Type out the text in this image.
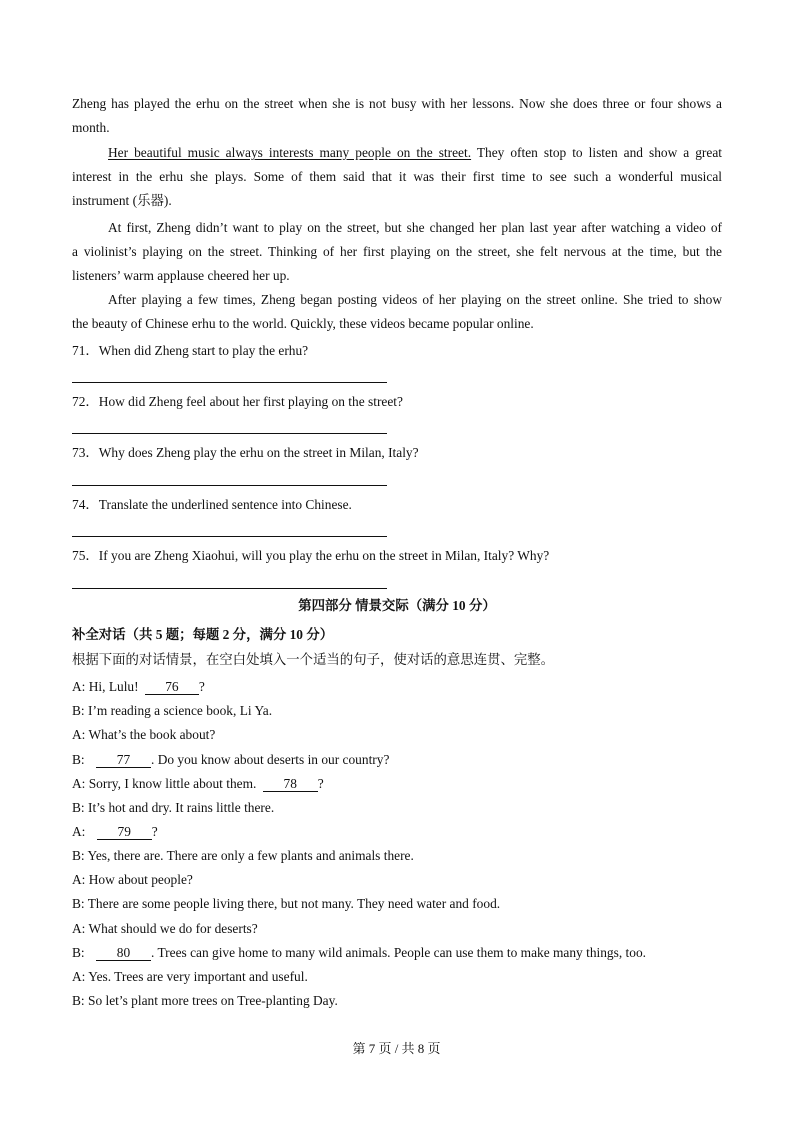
Zheng has played the erhu on the street when she is not busy with her lessons. Now she does three or four shows a
month.
Her beautiful music always interests many people on the street. They often stop to listen and show a great
interest in the erhu she plays. Some of them said that it was their first time to see such a wonderful musical
instrument (乐器).
At first, Zheng didn’t want to play on the street, but she changed her plan last year after watching a video of
a violinist’s playing on the street. Thinking of her first playing on the street, she felt nervous at the time, but the
listeners’ warm applause cheered her up.
After playing a few times, Zheng began posting videos of her playing on the street online. She tried to show
the beauty of Chinese erhu to the world. Quickly, these videos became popular online.
71．When did Zheng start to play the erhu?
72．How did Zheng feel about her first playing on the street?
73．Why does Zheng play the erhu on the street in Milan, Italy?
74．Translate the underlined sentence into Chinese.
75．If you are Zheng Xiaohui, will you play the erhu on the street in Milan, Italy? Why?
第四部分 情景交际（满分 10 分）
补全对话（共 5 题；每题 2 分，满分 10 分）
根据下面的对话情景，在空白处填入一个适当的句子，使对话的意思连贯、完整。
A: Hi, Lulu! 76 ?
B: I’m reading a science book, Li Ya.
A: What’s the book about?
B: 77 . Do you know about deserts in our country?
A: Sorry, I know little about them. 78 ?
B: It’s hot and dry. It rains little there.
A: 79 ?
B: Yes, there are. There are only a few plants and animals there.
A: How about people?
B: There are some people living there, but not many. They need water and food.
A: What should we do for deserts?
B: 80 . Trees can give home to many wild animals. People can use them to make many things, too.
A: Yes. Trees are very important and useful.
B: So let’s plant more trees on Tree-planting Day.
第 7 页 / 共 8 页
